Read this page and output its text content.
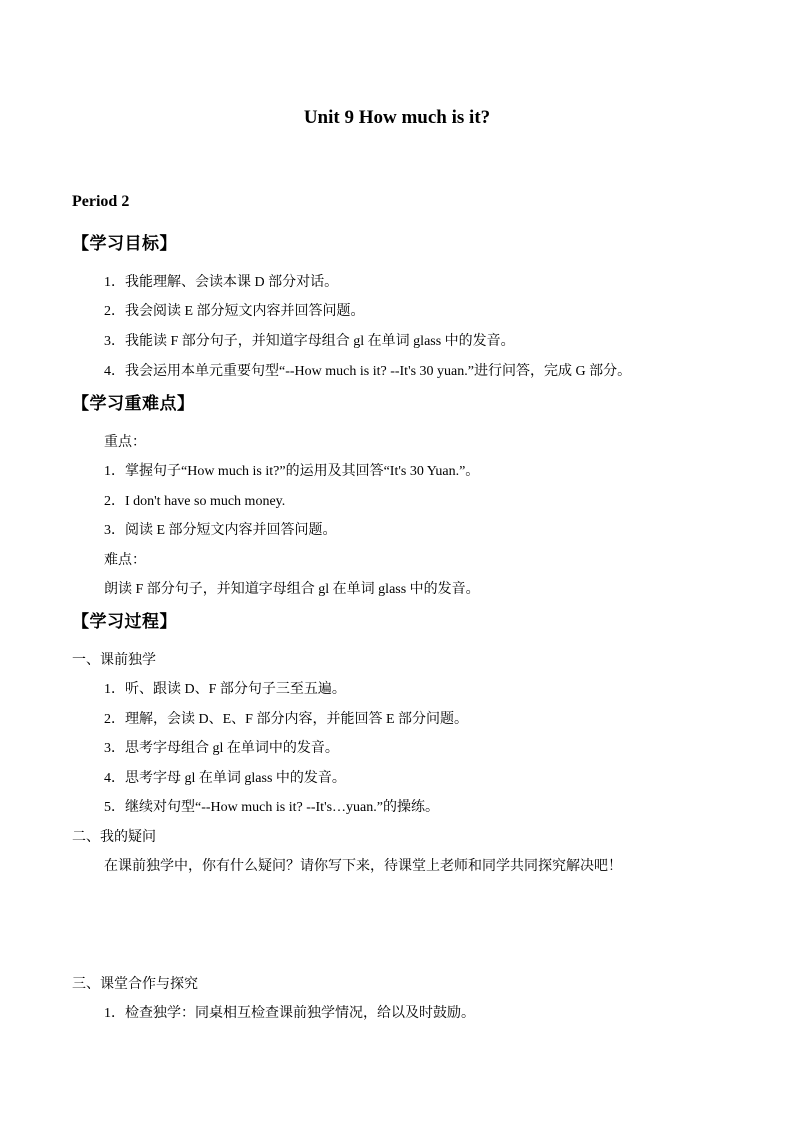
Unit 9 How much is it?
Period 2
【学习目标】
1．我能理解、会读本课 D 部分对话。
2．我会阅读 E 部分短文内容并回答问题。
3．我能读 F 部分句子，并知道字母组合 gl 在单词 glass 中的发音。
4．我会运用本单元重要句型“--How much is it? --It's 30 yuan.”进行问答，完成 G 部分。
【学习重难点】
重点：
1．掌握句子“How much is it?”的运用及其回答“It's 30 Yuan.”。
2．I don't have so much money.
3．阅读 E 部分短文内容并回答问题。
难点：
朗读 F 部分句子，并知道字母组合 gl 在单词 glass 中的发音。
【学习过程】
一、课前独学
1．听、跟读 D、F 部分句子三至五遍。
2．理解，会读 D、E、F 部分内容，并能回答 E 部分问题。
3．思考字母组合 gl 在单词中的发音。
4．思考字母 gl 在单词 glass 中的发音。
5．继续对句型“--How much is it? --It's…yuan.”的操练。
二、我的疑问
在课前独学中，你有什么疑问？请你写下来，待课堂上老师和同学共同探究解决吧！
三、课堂合作与探究
1．检查独学：同桌相互检查课前独学情况，给以及时鼓励。
